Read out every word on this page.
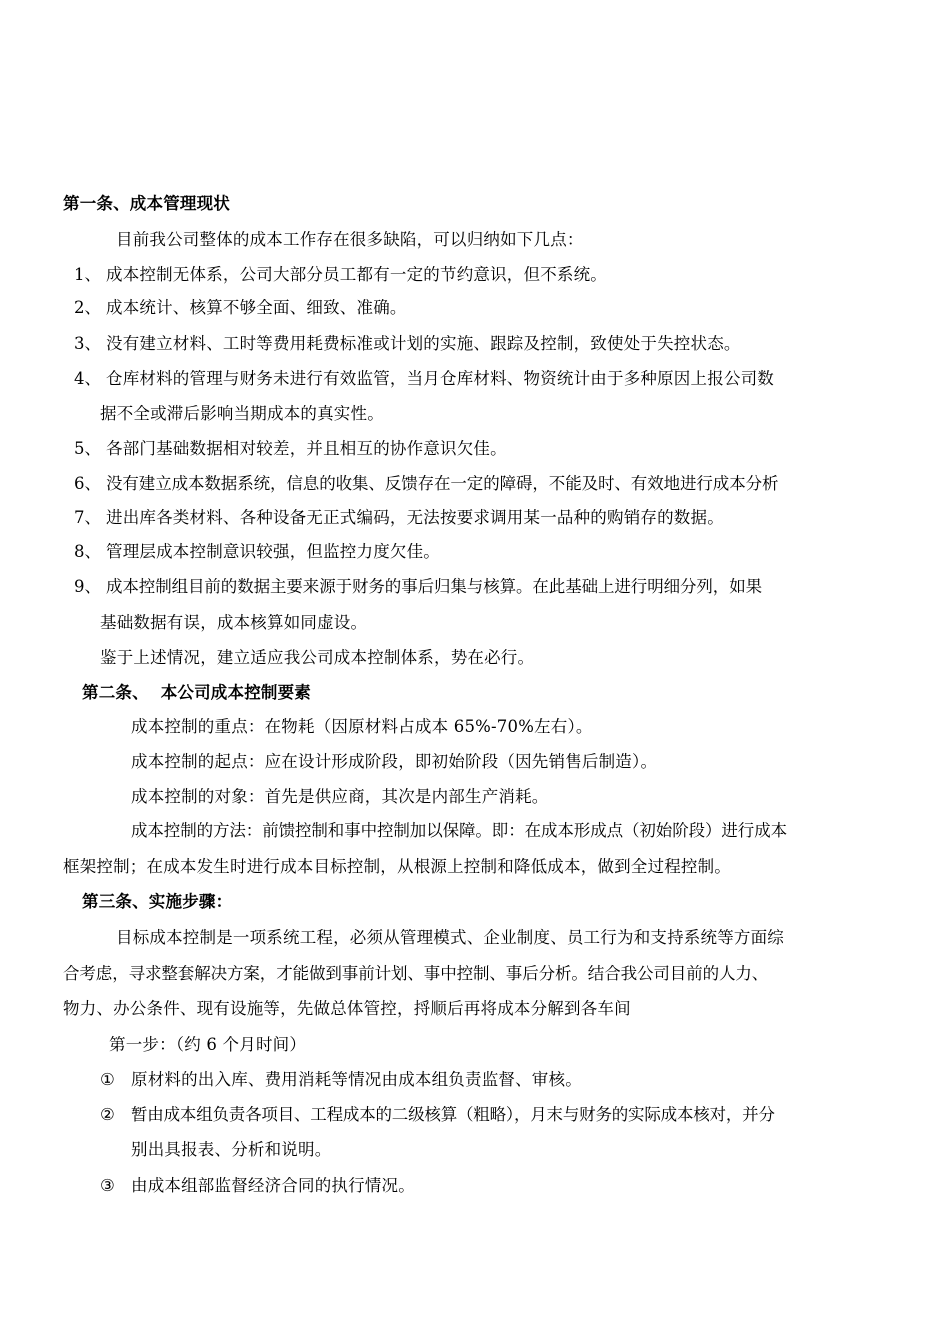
第一条、成本管理现状
目前我公司整体的成本工作存在很多缺陷，可以归纳如下几点：
1、 成本控制无体系，公司大部分员工都有一定的节约意识，但不系统。
2、 成本统计、核算不够全面、细致、准确。
3、 没有建立材料、工时等费用耗费标准或计划的实施、跟踪及控制，致使处于失控状态。
4、 仓库材料的管理与财务未进行有效监管，当月仓库材料、物资统计由于多种原因上报公司数
据不全或滞后影响当期成本的真实性。
5、 各部门基础数据相对较差，并且相互的协作意识欠佳。
6、 没有建立成本数据系统，信息的收集、反馈存在一定的障碍，不能及时、有效地进行成本分析
7、 进出库各类材料、各种设备无正式编码，无法按要求调用某一品种的购销存的数据。
8、 管理层成本控制意识较强，但监控力度欠佳。
9、 成本控制组目前的数据主要来源于财务的事后归集与核算。在此基础上进行明细分列，如果
基础数据有误，成本核算如同虚设。
鉴于上述情况，建立适应我公司成本控制体系，势在必行。
第二条、  本公司成本控制要素
成本控制的重点：在物耗（因原材料占成本 65%-70%左右）。
成本控制的起点：应在设计形成阶段，即初始阶段（因先销售后制造）。
成本控制的对象：首先是供应商，其次是内部生产消耗。
成本控制的方法：前馈控制和事中控制加以保障。即：在成本形成点（初始阶段）进行成本
框架控制；在成本发生时进行成本目标控制，从根源上控制和降低成本，做到全过程控制。
第三条、实施步骤：
目标成本控制是一项系统工程，必须从管理模式、企业制度、员工行为和支持系统等方面综
合考虑，寻求整套解决方案，才能做到事前计划、事中控制、事后分析。结合我公司目前的人力、
物力、办公条件、现有设施等，先做总体管控，捋顺后再将成本分解到各车间
第一步：（约 6 个月时间）
① 原材料的出入库、费用消耗等情况由成本组负责监督、审核。
② 暂由成本组负责各项目、工程成本的二级核算（粗略），月末与财务的实际成本核对，并分
别出具报表、分析和说明。
③ 由成本组部监督经济合同的执行情况。
